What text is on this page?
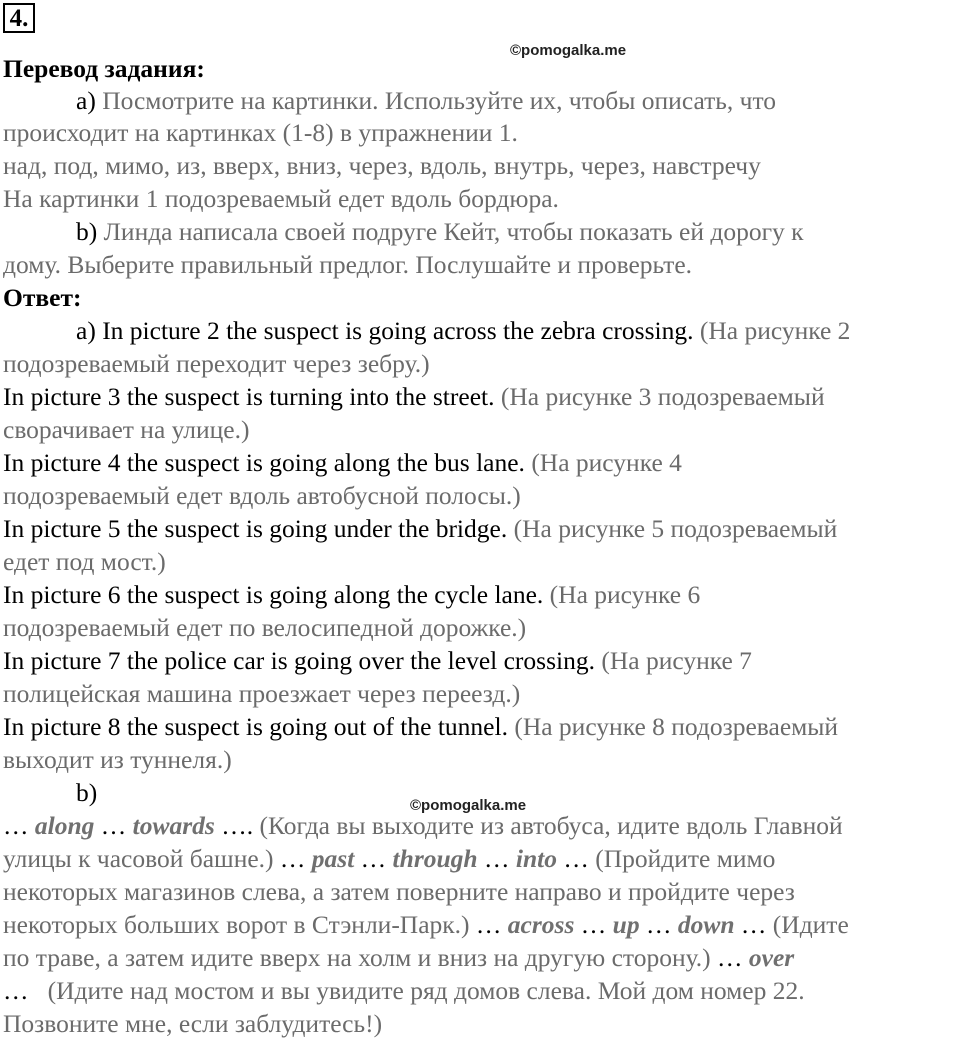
4.
©pomogalka.me
Перевод задания:
a) Посмотрите на картинки. Используйте их, чтобы описать, что
происходит на картинках (1-8) в упражнении 1.
над, под, мимо, из, вверх, вниз, через, вдоль, внутрь, через, навстречу
На картинки 1 подозреваемый едет вдоль бордюра.
b) Линда написала своей подруге Кейт, чтобы показать ей дорогу к
дому. Выберите правильный предлог. Послушайте и проверьте.
Ответ:
a) In picture 2 the suspect is going across the zebra crossing. (На рисунке 2
подозреваемый переходит через зебру.)
In picture 3 the suspect is turning into the street. (На рисунке 3 подозреваемый
сворачивает на улице.)
In picture 4 the suspect is going along the bus lane. (На рисунке 4
подозреваемый едет вдоль автобусной полосы.)
In picture 5 the suspect is going under the bridge. (На рисунке 5 подозреваемый
едет под мост.)
In picture 6 the suspect is going along the cycle lane. (На рисунке 6
подозреваемый едет по велосипедной дорожке.)
In picture 7 the police car is going over the level crossing. (На рисунке 7
полицейская машина проезжает через переезд.)
In picture 8 the suspect is going out of the tunnel. (На рисунке 8 подозреваемый
выходит из туннеля.)
b)	©pomogalka.me
… along … towards …. (Когда вы выходите из автобуса, идите вдоль Главной
улицы к часовой башне.) … past … through … into … (Пройдите мимо
некоторых магазинов слева, а затем поверните направо и пройдите через
некоторых больших ворот в Стэнли-Парк.) … across … up … down … (Идите
по траве, а затем идите вверх на холм и вниз на другую сторону.) … over
… (Идите над мостом и вы увидите ряд домов слева. Мой дом номер 22.
Позвоните мне, если заблудитесь!)
